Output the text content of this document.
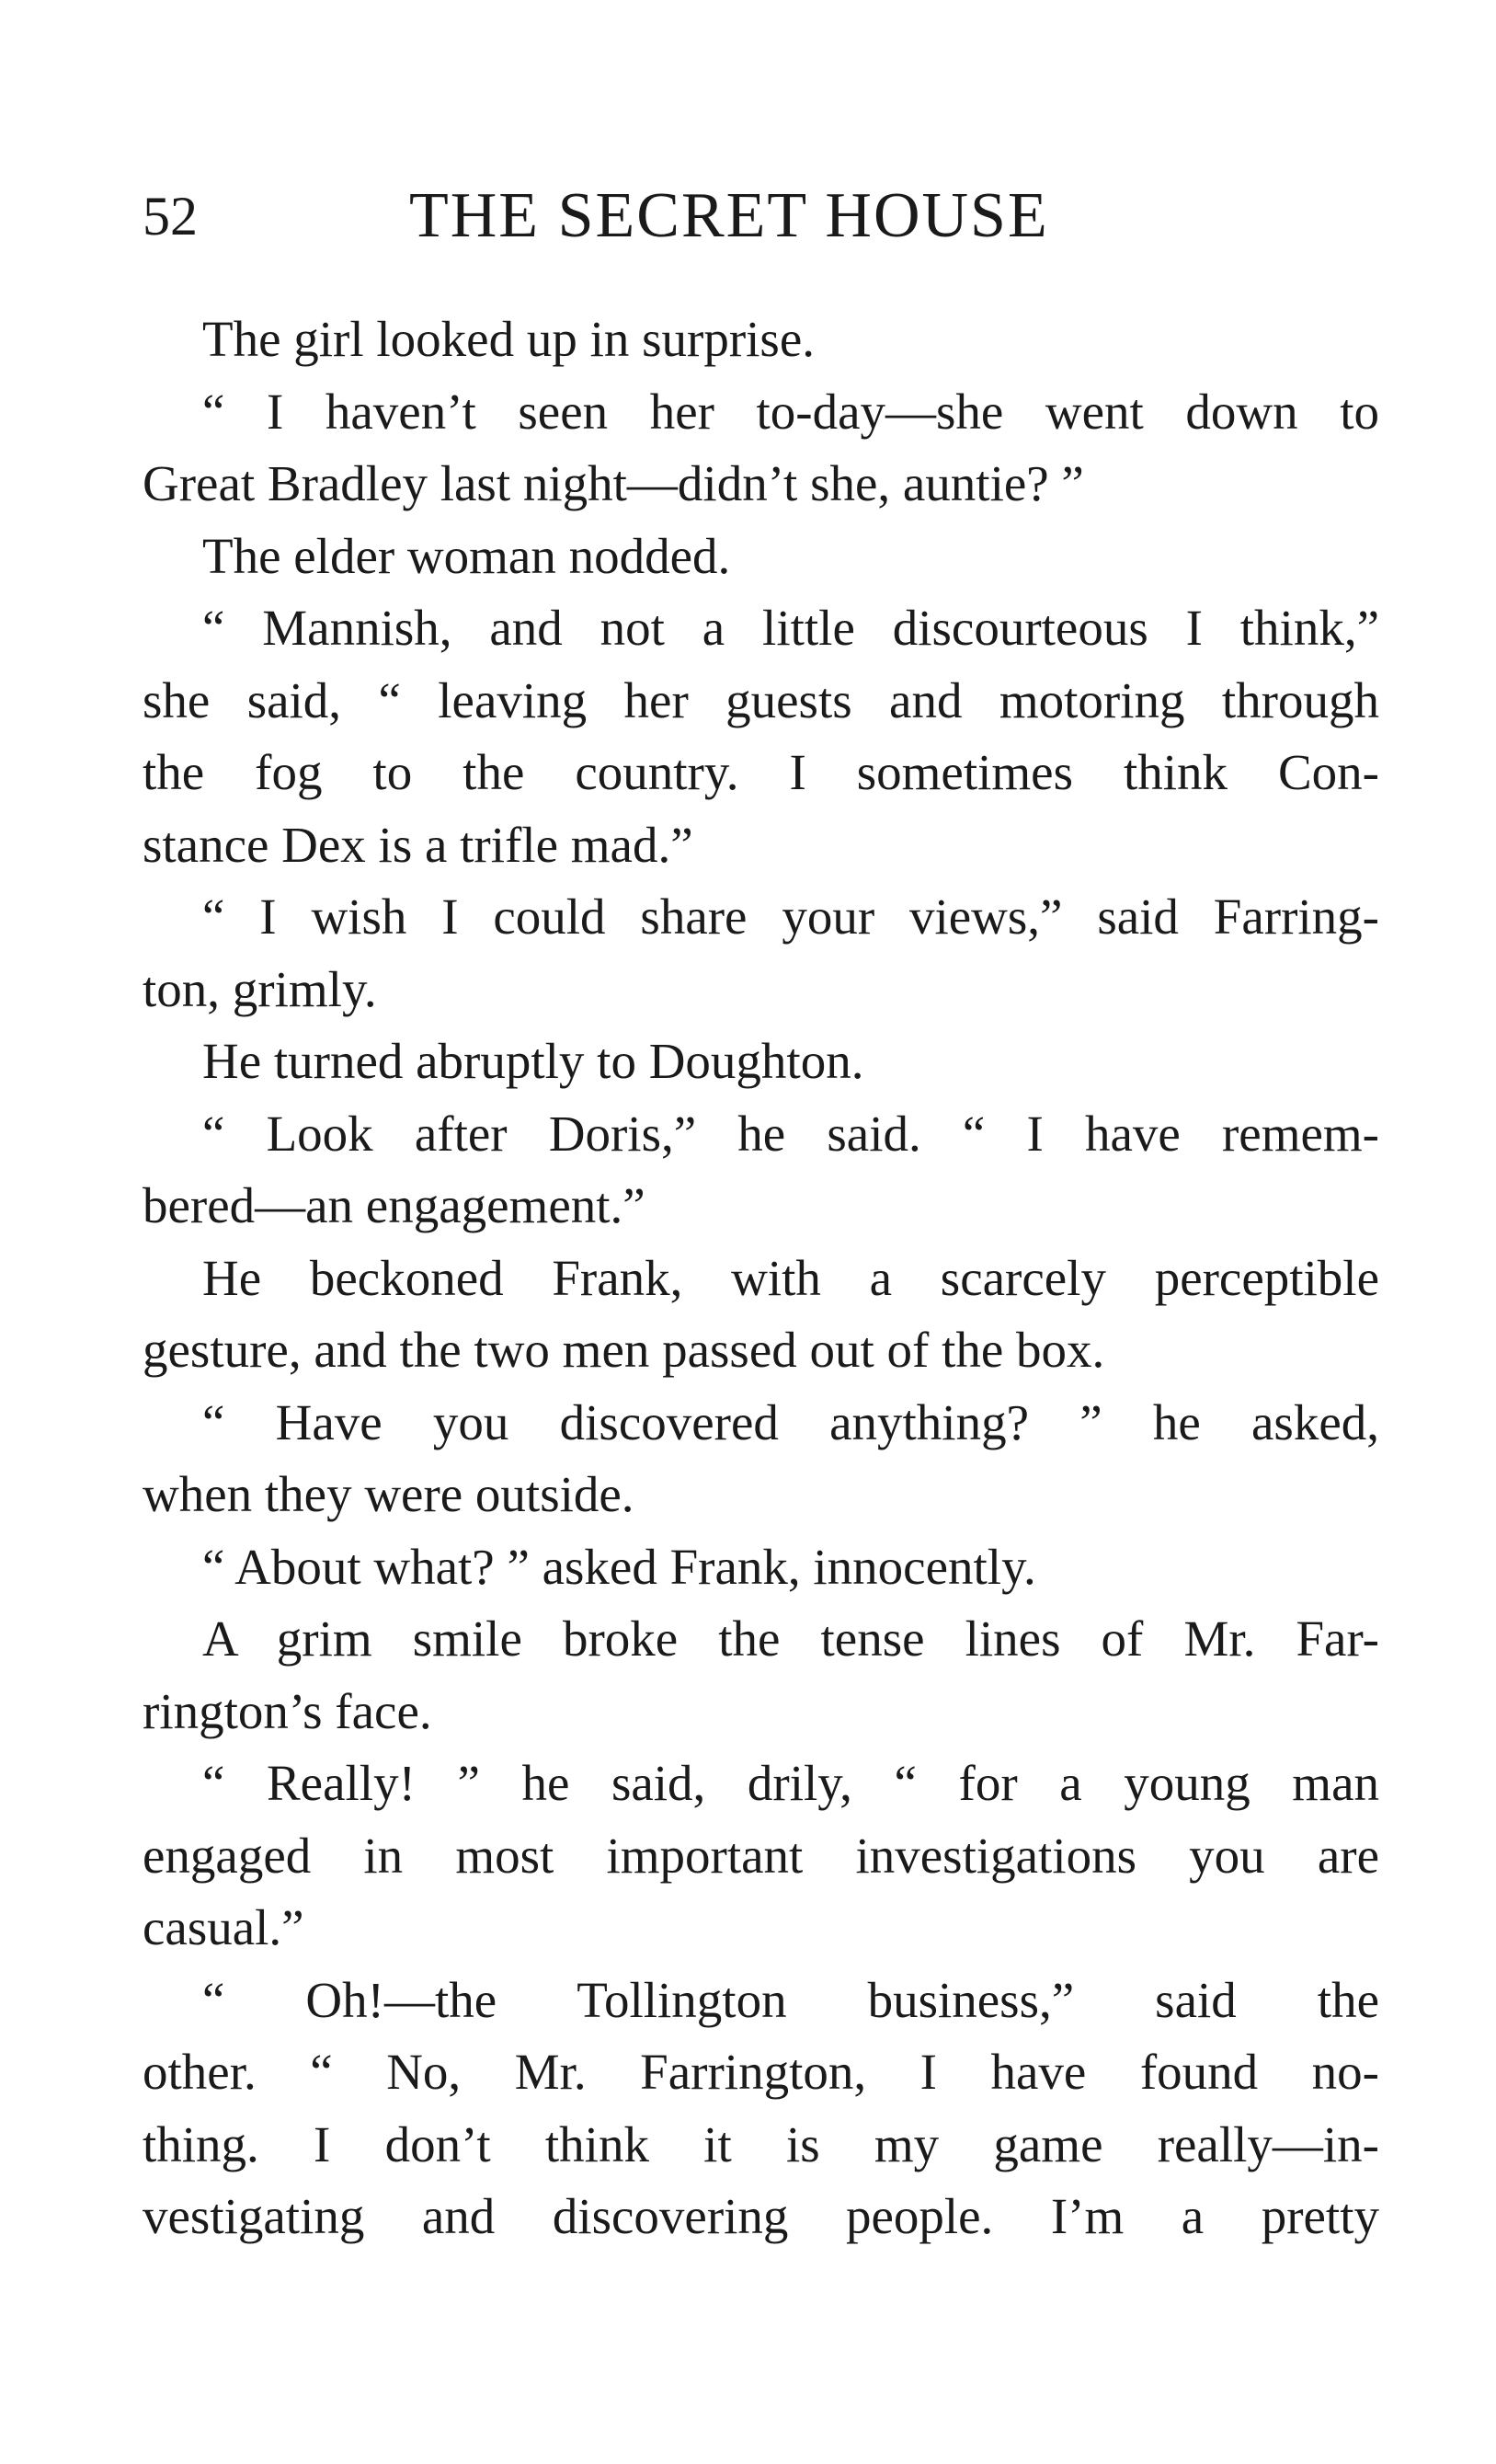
52	THE SECRET HOUSE
The girl looked up in surprise.
“ I haven’t seen her to-day—she went down to
Great Bradley last night—didn’t she, auntie? ”
The elder woman nodded.
“ Mannish, and not a little discourteous I think,”
she said, “ leaving her guests and motoring through
the fog to the country. I sometimes think Con-
stance Dex is a trifle mad.”
“ I wish I could share your views,” said Farring-
ton, grimly.
He turned abruptly to Doughton.
“ Look after Doris,” he said. “ I have remem-
bered—an engagement.”
He beckoned Frank, with a scarcely perceptible
gesture, and the two men passed out of the box.
“ Have you discovered anything? ” he asked,
when they were outside.
“ About what? ” asked Frank, innocently.
A grim smile broke the tense lines of Mr. Far-
rington’s face.
“ Really! ” he said, drily, “ for a young man
engaged in most important investigations you are
casual.”
“ Oh!—the Tollington business,” said the
other. “ No, Mr. Farrington, I have found no-
thing. I don’t think it is my game really—in-
vestigating and discovering people. I’m a pretty
